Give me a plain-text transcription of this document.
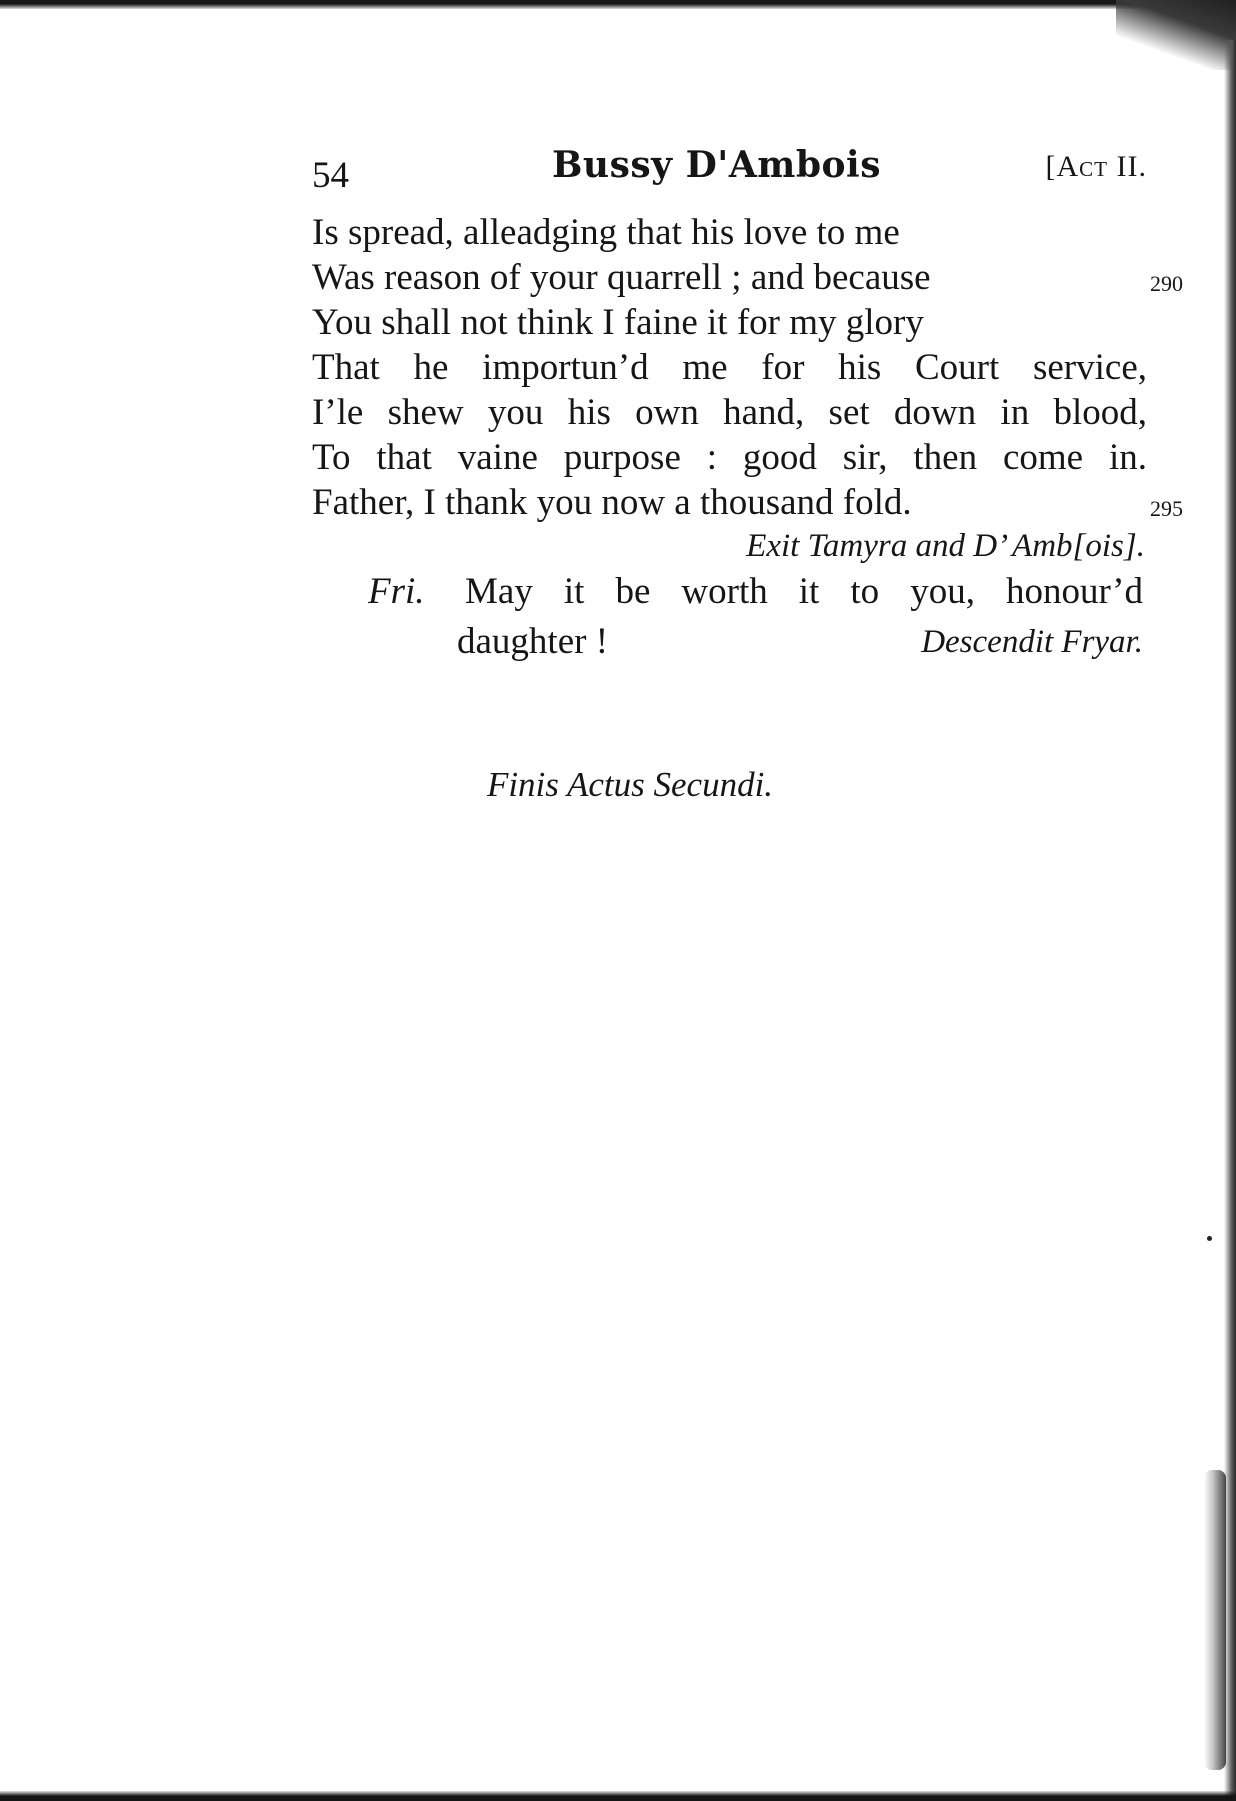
54	Bussy D'Ambois	[Act II.
Is spread, alleadging that his love to me
Was reason of your quarrell ; and because	290
You shall not think I faine it for my glory
That he importun’d me for his Court service,
I’le shew you his own hand, set down in blood,
To that vaine purpose : good sir, then come in.
Father, I thank you now a thousand fold.	295
Exit Tamyra and D’ Amb[ois].
Fri. May it be worth it to you, honour’d
daughter !	Descendit Fryar.
Finis Actus Secundi.
